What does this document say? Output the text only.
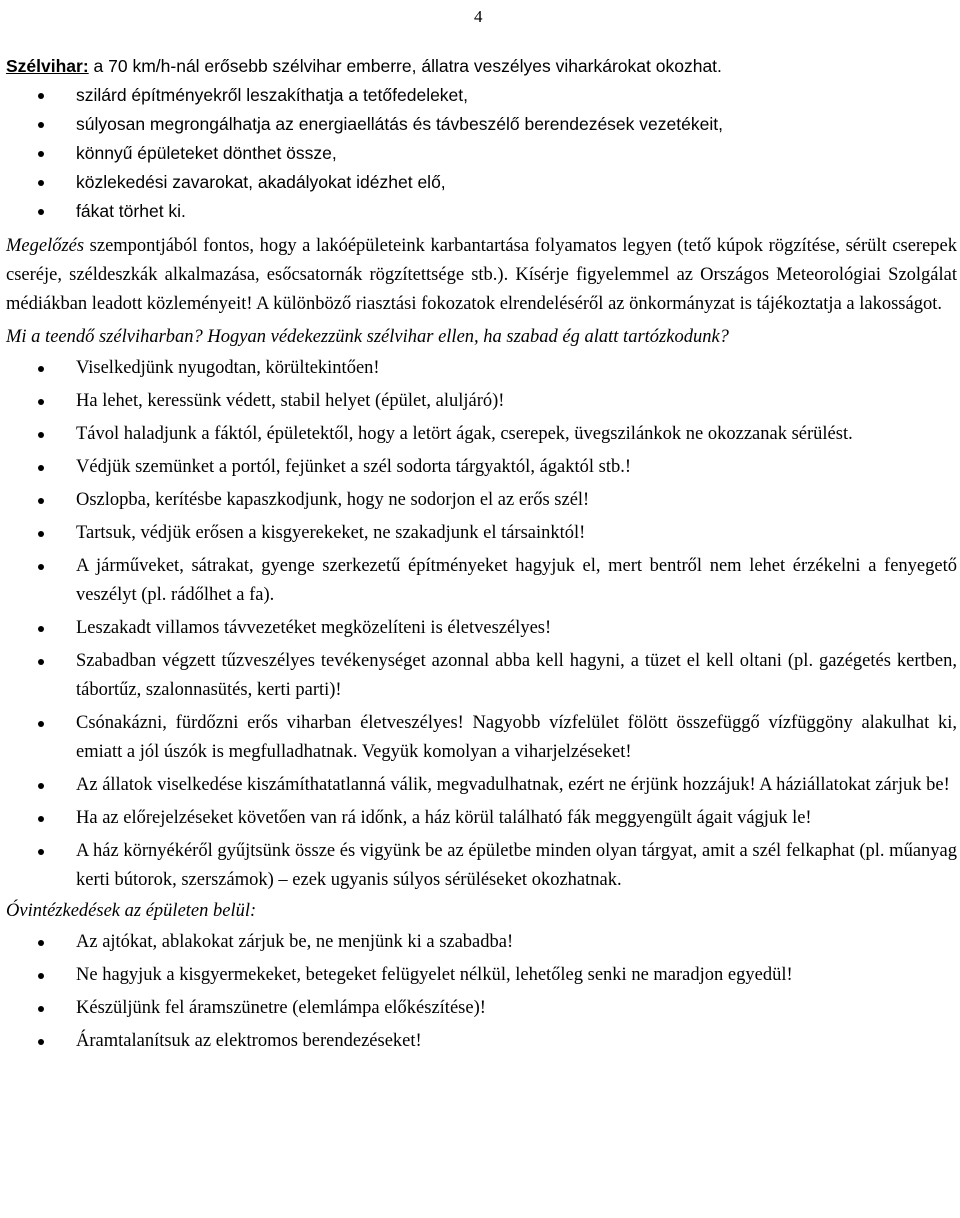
4

Szélvihar: a 70 km/h-nál erősebb szélvihar emberre, állatra veszélyes viharkárokat okozhat.

szilárd építményekről leszakíthatja a tetőfedeleket,
súlyosan megrongálhatja az energiaellátás és távbeszélő berendezések vezetékeit,
könnyű épületeket dönthet össze,
közlekedési zavarokat, akadályokat idézhet elő,
fákat törhet ki.

Megelőzés szempontjából fontos, hogy a lakóépületeink karbantartása folyamatos legyen (tető kúpok rögzítése, sérült cserepek cseréje, széldeszkák alkalmazása, esőcsatornák rögzítettsége stb.). Kísérje figyelemmel az Országos Meteorológiai Szolgálat médiákban leadott közleményeit! A különböző riasztási fokozatok elrendeléséről az önkormányzat is tájékoztatja a lakosságot.

Mi a teendő szélviharban? Hogyan védekezzünk szélvihar ellen, ha szabad ég alatt tartózkodunk?

Viselkedjünk nyugodtan, körültekintően!
Ha lehet, keressünk védett, stabil helyet (épület, aluljáró)!
Távol haladjunk a fáktól, épületektől, hogy a letört ágak, cserepek, üvegszilánkok ne okozzanak sérülést.
Védjük szemünket a portól, fejünket a szél sodorta tárgyaktól, ágaktól stb.!
Oszlopba, kerítésbe kapaszkodjunk, hogy ne sodorjon el az erős szél!
Tartsuk, védjük erősen a kisgyerekeket, ne szakadjunk el társainktól!
A járműveket, sátrakat, gyenge szerkezetű építményeket hagyjuk el, mert bentről nem lehet érzékelni a fenyegető veszélyt (pl. rádőlhet a fa).
Leszakadt villamos távvezetéket megközelíteni is életveszélyes!
Szabadban végzett tűzveszélyes tevékenységet azonnal abba kell hagyni, a tüzet el kell oltani (pl. gazégetés kertben, tábortűz, szalonnasütés, kerti parti)!
Csónakázni, fürdőzni erős viharban életveszélyes! Nagyobb vízfelület fölött összefüggő vízfüggöny alakulhat ki, emiatt a jól úszók is megfulladhatnak. Vegyük komolyan a viharjelzéseket!
Az állatok viselkedése kiszámíthatatlanná válik, megvadulhatnak, ezért ne érjünk hozzájuk! A háziállatokat zárjuk be!
Ha az előrejelzéseket követően van rá időnk, a ház körül található fák meggyengült ágait vágjuk le!
A ház környékéről gyűjtsünk össze és vigyünk be az épületbe minden olyan tárgyat, amit a szél felkaphat (pl. műanyag kerti bútorok, szerszámok) – ezek ugyanis súlyos sérüléseket okozhatnak.

Óvintézkedések az épületen belül:

Az ajtókat, ablakokat zárjuk be, ne menjünk ki a szabadba!
Ne hagyjuk a kisgyermekeket, betegeket felügyelet nélkül, lehetőleg senki ne maradjon egyedül!
Készüljünk fel áramszünetre (elemlámpa előkészítése)!
Áramtalanítsuk az elektromos berendezéseket!
